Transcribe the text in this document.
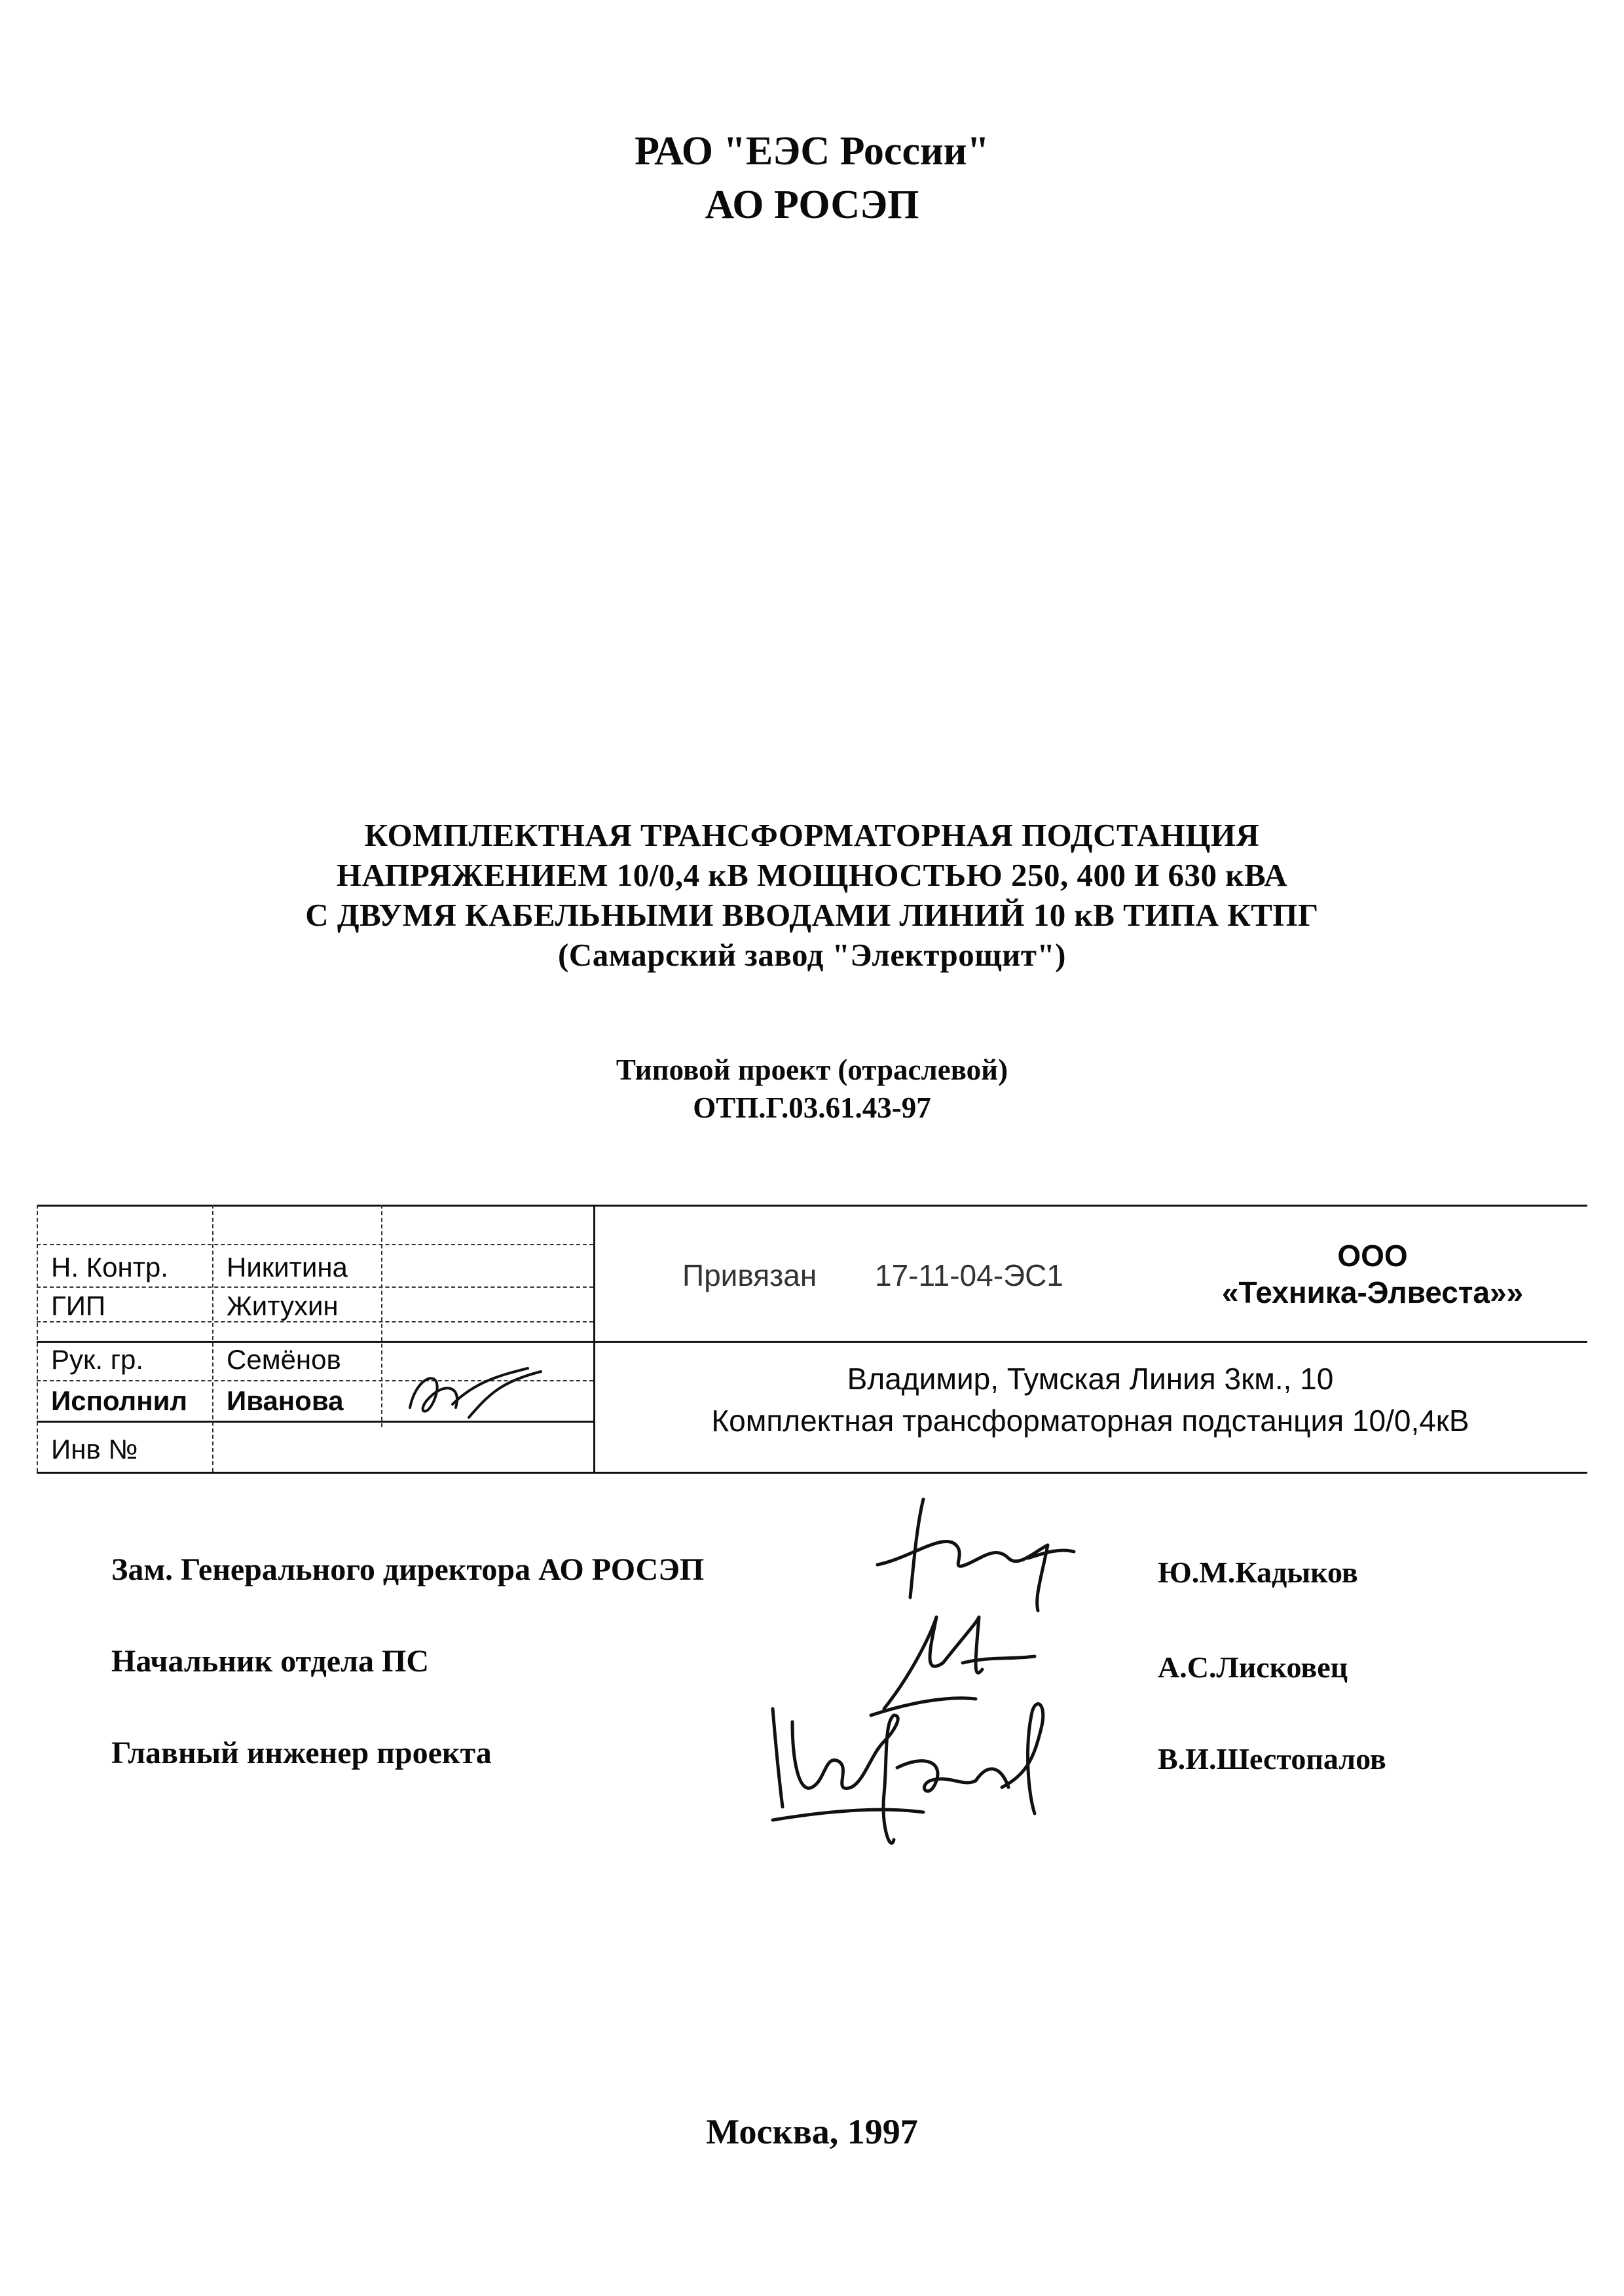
РАО "ЕЭС России"
АО РОСЭП
КОМПЛЕКТНАЯ ТРАНСФОРМАТОРНАЯ ПОДСТАНЦИЯ
НАПРЯЖЕНИЕМ 10/0,4 кВ МОЩНОСТЬЮ 250, 400 И 630 кВА
С ДВУМЯ КАБЕЛЬНЫМИ ВВОДАМИ ЛИНИЙ 10 кВ ТИПА КТПГ
(Самарский завод "Электрощит")
Типовой проект (отраслевой)
ОТП.Г.03.61.43-97
Н. Контр. Никитина
ГИП	Житухин
Рук. гр.	Семёнов
Исполнил Иванова
Инв №
Привязан 17-11-04-ЭС1
ООО
«Техника-Элвеста»»
Владимир, Тумская Линия 3км., 10
Комплектная трансформаторная подстанция 10/0,4кВ
Зам. Генерального директора АО РОСЭП	Ю.М.Кадыков
Начальник отдела ПС	А.С.Лисковец
Главный инженер проекта	В.И.Шестопалов
Москва, 1997
